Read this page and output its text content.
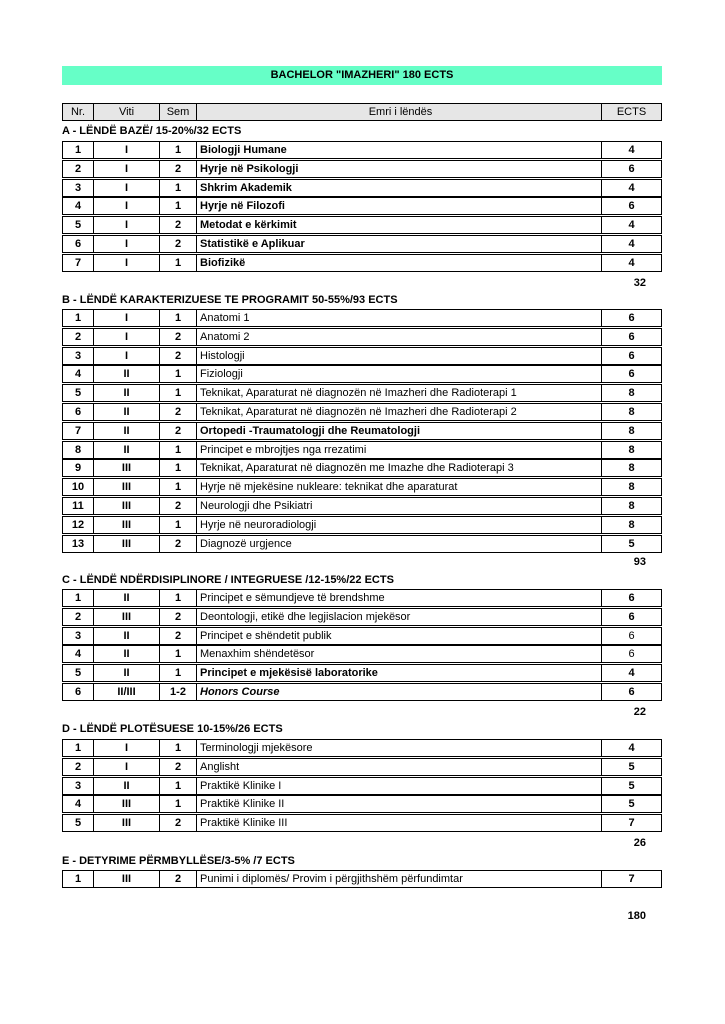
BACHELOR "IMAZHERI" 180 ECTS
Nr.	Viti	Sem	Emri i lëndës	ECTS
A - LËNDË BAZË/ 15-20%/32 ECTS
1	I	1	Biologji Humane	4
2	I	2	Hyrje në Psikologji	6
3	I	1	Shkrim Akademik	4
4	I	1	Hyrje në Filozofi	6
5	I	2	Metodat e kërkimit	4
6	I	2	Statistikë e Aplikuar	4
7	I	1	Biofizikë	4
32
B - LËNDË KARAKTERIZUESE TE PROGRAMIT 50-55%/93 ECTS
1	I	1	Anatomi 1	6
2	I	2	Anatomi 2	6
3	I	2	Histologji	6
4	II	1	Fiziologji	6
5	II	1	Teknikat, Aparaturat në diagnozën në Imazheri dhe Radioterapi 1	8
6	II	2	Teknikat, Aparaturat në diagnozën në Imazheri dhe Radioterapi 2	8
7	II	2	Ortopedi -Traumatologji dhe Reumatologji	8
8	II	1	Principet e mbrojtjes nga rrezatimi	8
9	III	1	Teknikat, Aparaturat në diagnozën me Imazhe dhe Radioterapi 3	8
10	III	1	Hyrje në mjekësine nukleare: teknikat dhe aparaturat	8
11	III	2	Neurologji dhe Psikiatri	8
12	III	1	Hyrje në neuroradiologji	8
13	III	2	Diagnozë urgjence	5
93
C - LËNDË NDËRDISIPLINORE / INTEGRUESE /12-15%/22 ECTS
1	II	1	Principet e sëmundjeve të brendshme	6
2	III	2	Deontologji, etikë dhe legjislacion mjekësor	6
3	II	2	Principet e shëndetit publik	6
4	II	1	Menaxhim shëndetësor	6
5	II	1	Principet e mjekësisë laboratorike	4
6	II/III	1-2	Honors Course	6
22
D - LËNDË PLOTËSUESE 10-15%/26 ECTS
1	I	1	Terminologji mjekësore	4
2	I	2	Anglisht	5
3	II	1	Praktikë Klinike I	5
4	III	1	Praktikë Klinike II	5
5	III	2	Praktikë Klinike III	7
26
E - DETYRIME PËRMBYLLËSE/3-5% /7 ECTS
1	III	2	Punimi i diplomës/ Provim i përgjithshëm përfundimtar	7
180
